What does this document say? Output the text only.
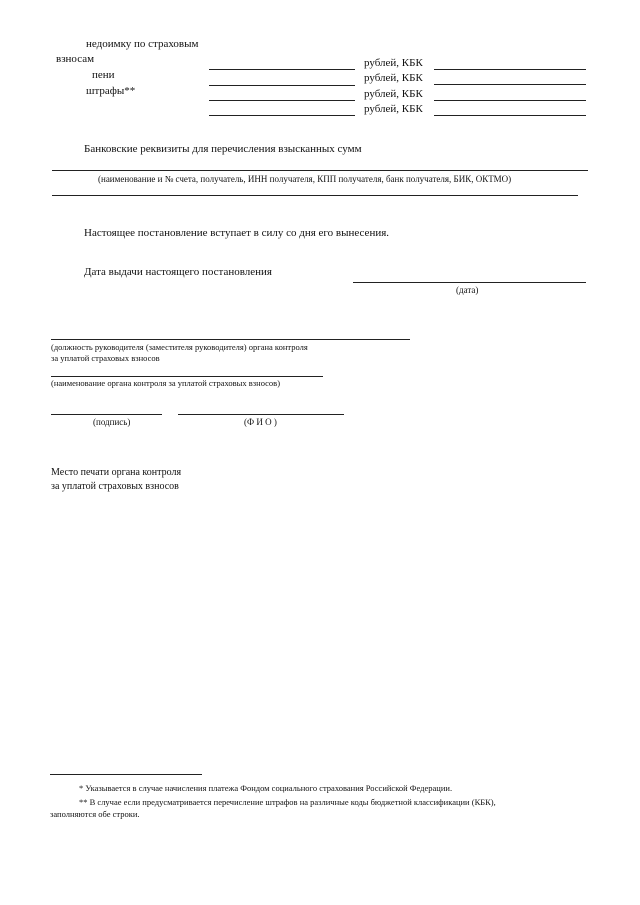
недоимку по страховым
взносам
пени
штрафы**
рублей, КБК
рублей, КБК
рублей, КБК
рублей, КБК
Банковские реквизиты для перечисления взысканных сумм
(наименование и № счета, получатель, ИНН получателя, КПП получателя, банк получателя, БИК, ОКТМО)
Настоящее постановление вступает в силу со дня его вынесения.
Дата выдачи настоящего постановления
(дата)
(должность руководителя (заместителя руководителя) органа контроля
за уплатой страховых взносов
(наименование органа контроля за уплатой страховых взносов)
(подпись)	(Ф И О )
Место печати органа контроля
за уплатой страховых взносов
* Указывается в случае начисления платежа Фондом социального страхования Российской Федерации.
** В случае если предусматривается перечисление штрафов на различные коды бюджетной классификации (КБК),
заполняются обе строки.
